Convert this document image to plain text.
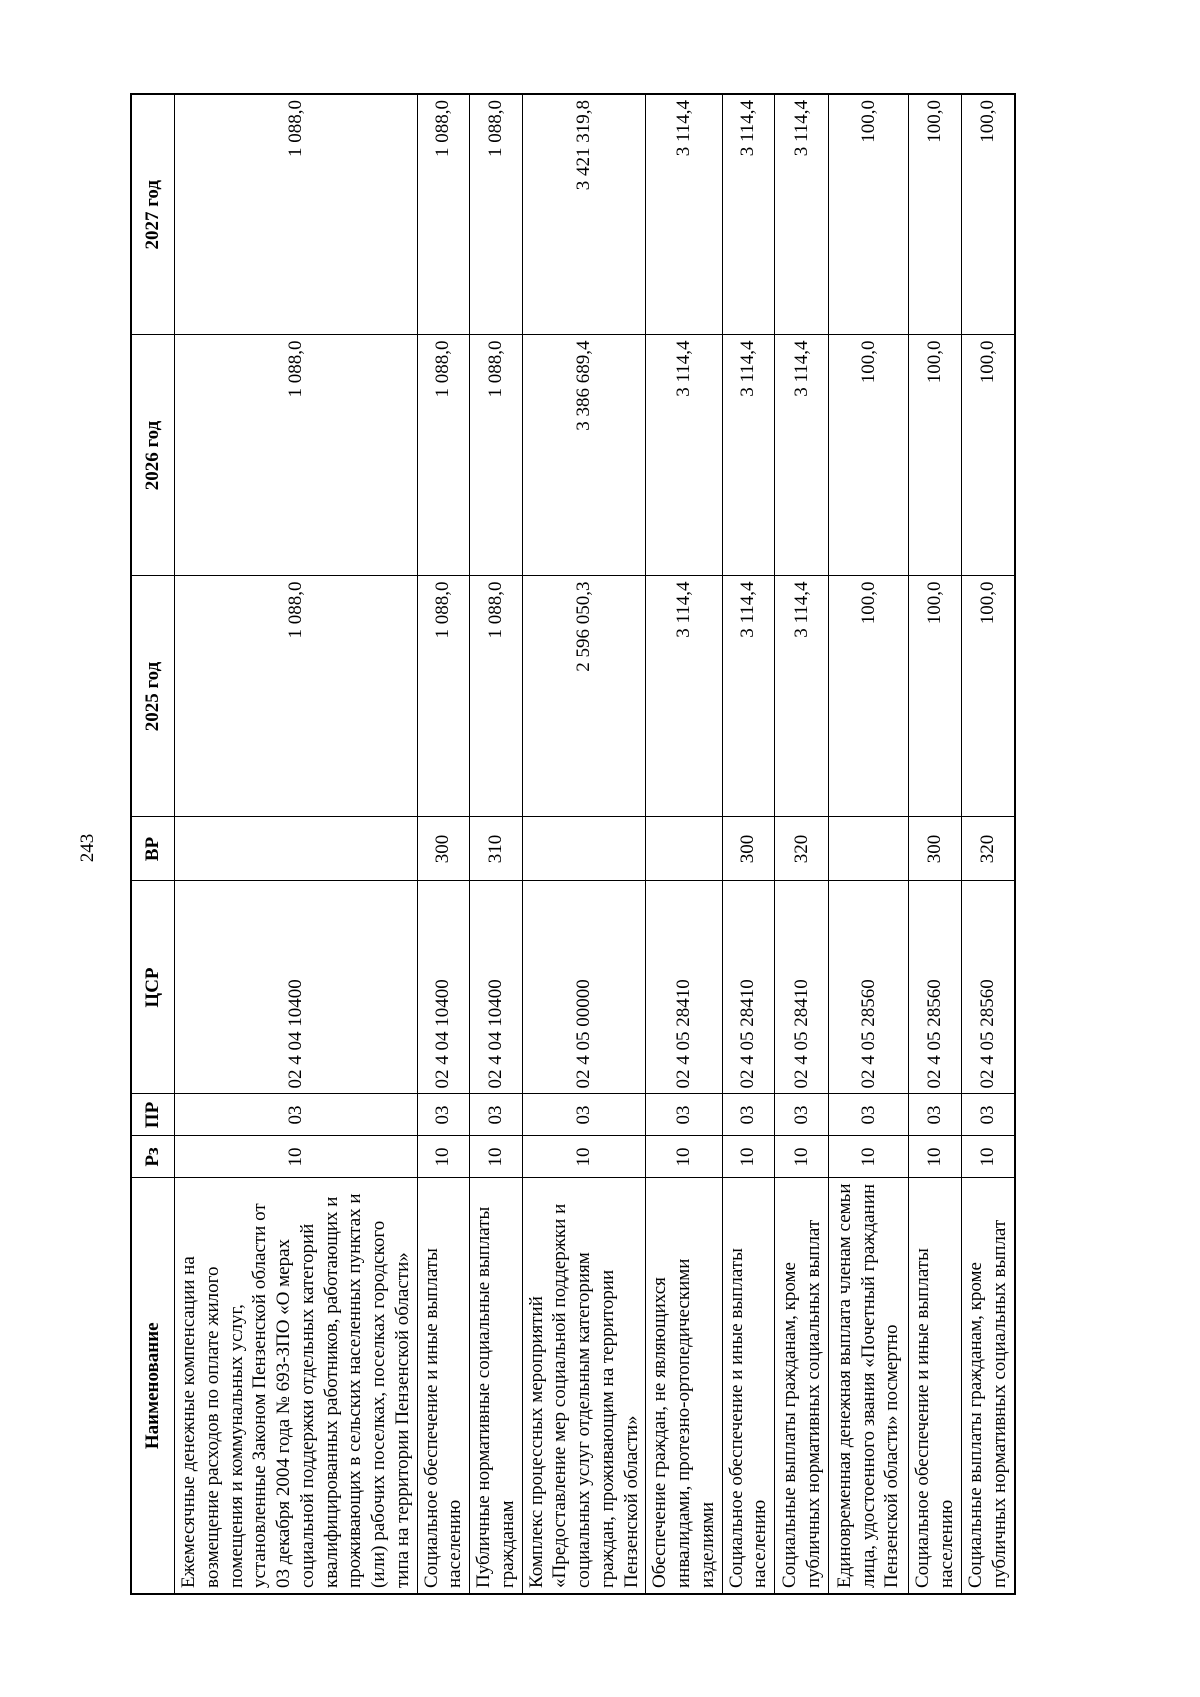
243
Наименование	Рз	ПР	ЦСР	ВР	2025 год	2026 год	2027 год
Ежемесячные денежные компенсации на возмещение расходов по оплате жилого помещения и коммунальных услуг, установленные Законом Пензенской области от 03 декабря 2004 года № 693-ЗПО «О мерах социальной поддержки отдельных категорий квалифицированных работников, работающих и проживающих в сельских населенных пунктах и (или) рабочих поселках, поселках городского типа на территории Пензенской области»	10	03	02 4 04 10400		1 088,0	1 088,0	1 088,0
Социальное обеспечение и иные выплаты населению	10	03	02 4 04 10400	300	1 088,0	1 088,0	1 088,0
Публичные нормативные социальные выплаты гражданам	10	03	02 4 04 10400	310	1 088,0	1 088,0	1 088,0
Комплекс процессных мероприятий «Предоставление мер социальной поддержки и социальных услуг отдельным категориям граждан, проживающим на территории Пензенской области»	10	03	02 4 05 00000		2 596 050,3	3 386 689,4	3 421 319,8
Обеспечение граждан, не являющихся инвалидами, протезно-ортопедическими изделиями	10	03	02 4 05 28410		3 114,4	3 114,4	3 114,4
Социальное обеспечение и иные выплаты населению	10	03	02 4 05 28410	300	3 114,4	3 114,4	3 114,4
Социальные выплаты гражданам, кроме публичных нормативных социальных выплат	10	03	02 4 05 28410	320	3 114,4	3 114,4	3 114,4
Единовременная денежная выплата членам семьи лица, удостоенного звания «Почетный гражданин Пензенской области» посмертно	10	03	02 4 05 28560		100,0	100,0	100,0
Социальное обеспечение и иные выплаты населению	10	03	02 4 05 28560	300	100,0	100,0	100,0
Социальные выплаты гражданам, кроме публичных нормативных социальных выплат	10	03	02 4 05 28560	320	100,0	100,0	100,0
